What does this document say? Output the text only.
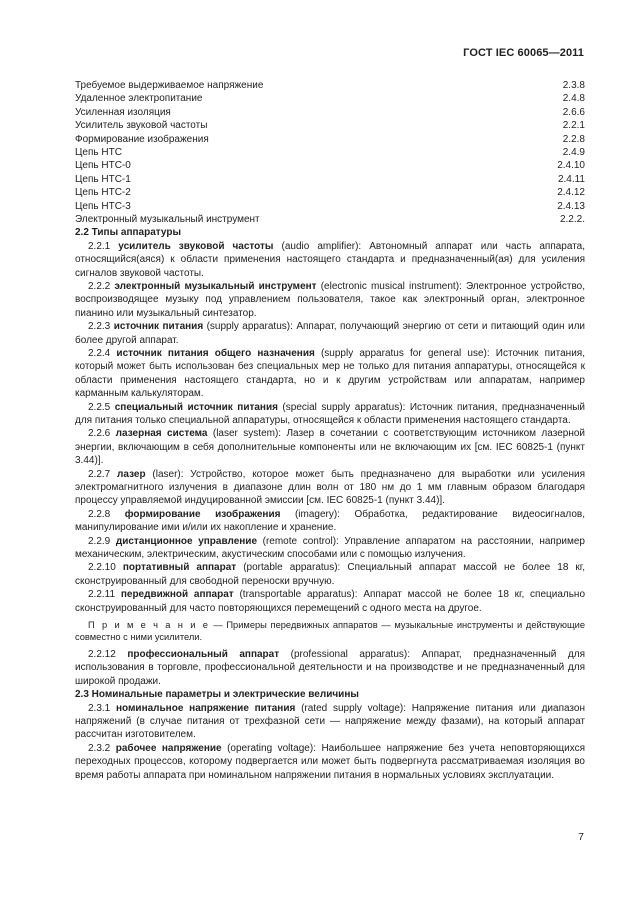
ГОСТ IEC 60065—2011
Требуемое выдерживаемое напряжение	2.3.8
Удаленное электропитание	2.4.8
Усиленная изоляция	2.6.6
Усилитель звуковой частоты	2.2.1
Формирование изображения	2.2.8
Цепь НТС	2.4.9
Цепь НТС-0	2.4.10
Цепь НТС-1	2.4.11
Цепь НТС-2	2.4.12
Цепь НТС-3	2.4.13
Электронный музыкальный инструмент	2.2.2.
2.2 Типы аппаратуры

2.2.1 усилитель звуковой частоты (audio amplifier): Автономный аппарат или часть аппарата, относящийся(аяся) к области применения настоящего стандарта и предназначенный(ая) для усиления сигналов звуковой частоты.

2.2.2 электронный музыкальный инструмент (electronic musical instrument): Электронное устройство, воспроизводящее музыку под управлением пользователя, такое как электронный орган, электронное пианино или музыкальный синтезатор.

2.2.3 источник питания (supply apparatus): Аппарат, получающий энергию от сети и питающий один или более другой аппарат.

2.2.4 источник питания общего назначения (supply apparatus for general use): Источник питания, который может быть использован без специальных мер не только для питания аппаратуры, относящейся к области применения настоящего стандарта, но и к другим устройствам или аппаратам, например карманным калькуляторам.

2.2.5 специальный источник питания (special supply apparatus): Источник питания, предназначенный для питания только специальной аппаратуры, относящейся к области применения настоящего стандарта.

2.2.6 лазерная система (laser system): Лазер в сочетании с соответствующим источником лазерной энергии, включающим в себя дополнительные компоненты или не включающим их [см. IEC 60825-1 (пункт 3.44)].

2.2.7 лазер (laser): Устройство, которое может быть предназначено для выработки или усиления электромагнитного излучения в диапазоне длин волн от 180 нм до 1 мм главным образом благодаря процессу управляемой индуцированной эмиссии [см. IEC 60825-1 (пункт 3.44)].

2.2.8 формирование изображения (imagery): Обработка, редактирование видеосигналов, манипулирование ими и/или их накопление и хранение.

2.2.9 дистанционное управление (remote control): Управление аппаратом на расстоянии, например механическим, электрическим, акустическим способами или с помощью излучения.

2.2.10 портативный аппарат (portable apparatus): Специальный аппарат массой не более 18 кг, сконструированный для свободной переноски вручную.

2.2.11 передвижной аппарат (transportable apparatus): Аппарат массой не более 18 кг, специально сконструированный для часто повторяющихся перемещений с одного места на другое.

П р и м е ч а н и е — Примеры передвижных аппаратов — музыкальные инструменты и действующие совместно с ними усилители.

2.2.12 профессиональный аппарат (professional apparatus): Аппарат, предназначенный для использования в торговле, профессиональной деятельности и на производстве и не предназначенный для широкой продажи.

2.3 Номинальные параметры и электрические величины

2.3.1 номинальное напряжение питания (rated supply voltage): Напряжение питания или диапазон напряжений (в случае питания от трехфазной сети — напряжение между фазами), на который аппарат рассчитан изготовителем.

2.3.2 рабочее напряжение (operating voltage): Наибольшее напряжение без учета неповторяющихся переходных процессов, которому подвергается или может быть подвергнута рассматриваемая изоляция во время работы аппарата при номинальном напряжении питания в нормальных условиях эксплуатации.

7
